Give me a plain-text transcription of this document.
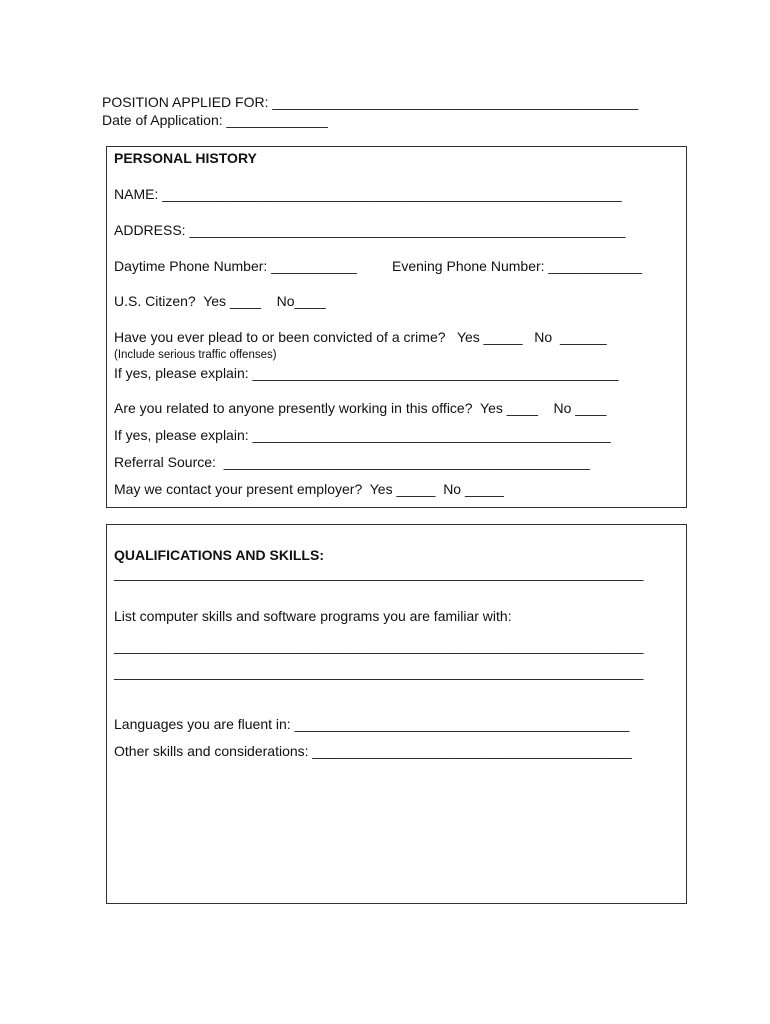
POSITION APPLIED FOR: _______________________________________________
Date of Application: _____________
PERSONAL HISTORY
NAME: ___________________________________________________________
ADDRESS: ________________________________________________________
Daytime Phone Number: ___________	Evening Phone Number: ____________
U.S. Citizen?  Yes ____    No____
Have you ever plead to or been convicted of a crime?   Yes _____   No  ______
(Include serious traffic offenses)
If yes, please explain: _______________________________________________
Are you related to anyone presently working in this office?  Yes ____    No ____
If yes, please explain: ______________________________________________
Referral Source:  _______________________________________________
May we contact your present employer?  Yes _____  No _____
QUALIFICATIONS AND SKILLS:
____________________________________________________________________
List computer skills and software programs you are familiar with:
____________________________________________________________________
____________________________________________________________________
Languages you are fluent in: ___________________________________________
Other skills and considerations: _________________________________________
